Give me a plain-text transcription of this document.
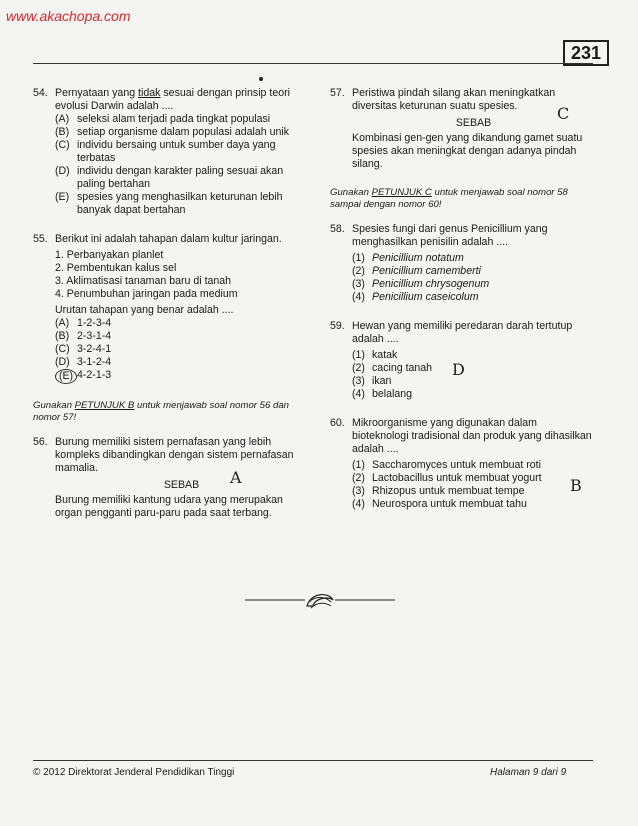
www.akachopa.com
231
54. Pernyataan yang tidak sesuai dengan prinsip teori evolusi Darwin adalah ....
(A) seleksi alam terjadi pada tingkat populasi
(B) setiap organisme dalam populasi adalah unik
(C) individu bersaing untuk sumber daya yang terbatas
(D) individu dengan karakter paling sesuai akan paling bertahan
(E) spesies yang menghasilkan keturunan lebih banyak dapat bertahan
55. Berikut ini adalah tahapan dalam kultur jaringan.
1. Perbanyakan planlet
2. Pembentukan kalus sel
3. Aklimatisasi tanaman baru di tanah
4. Penumbuhan jaringan pada medium
Urutan tahapan yang benar adalah ....
(A) 1-2-3-4
(B) 2-3-1-4
(C) 3-2-4-1
(D) 3-1-2-4
(E) 4-2-1-3
Gunakan PETUNJUK B untuk menjawab soal nomor 56 dan nomor 57!
56. Burung memiliki sistem pernafasan yang lebih kompleks dibandingkan dengan sistem pernafasan mamalia.
SEBAB	A
Burung memiliki kantung udara yang merupakan organ pengganti paru-paru pada saat terbang.
57. Peristiwa pindah silang akan meningkatkan diversitas keturunan suatu spesies.
SEBAB	C
Kombinasi gen-gen yang dikandung gamet suatu spesies akan meningkat dengan adanya pindah silang.
Gunakan PETUNJUK C untuk menjawab soal nomor 58 sampai dengan nomor 60!
58. Spesies fungi dari genus Penicillium yang menghasilkan penisilin adalah ....
(1) Penicillium notatum
(2) Penicillium camemberti
(3) Penicillium chrysogenum
(4) Penicillium caseicolum
59. Hewan yang memiliki peredaran darah tertutup adalah ....
D
(1) katak
(2) cacing tanah
(3) ikan
(4) belalang
60. Mikroorganisme yang digunakan dalam bioteknologi tradisional dan produk yang dihasilkan adalah ....
B
(1) Saccharomyces untuk membuat roti
(2) Lactobacillus untuk membuat yogurt
(3) Rhizopus untuk membuat tempe
(4) Neurospora untuk membuat tahu
© 2012 Direktorat Jenderal Pendidikan Tinggi	Halaman 9 dari 9
